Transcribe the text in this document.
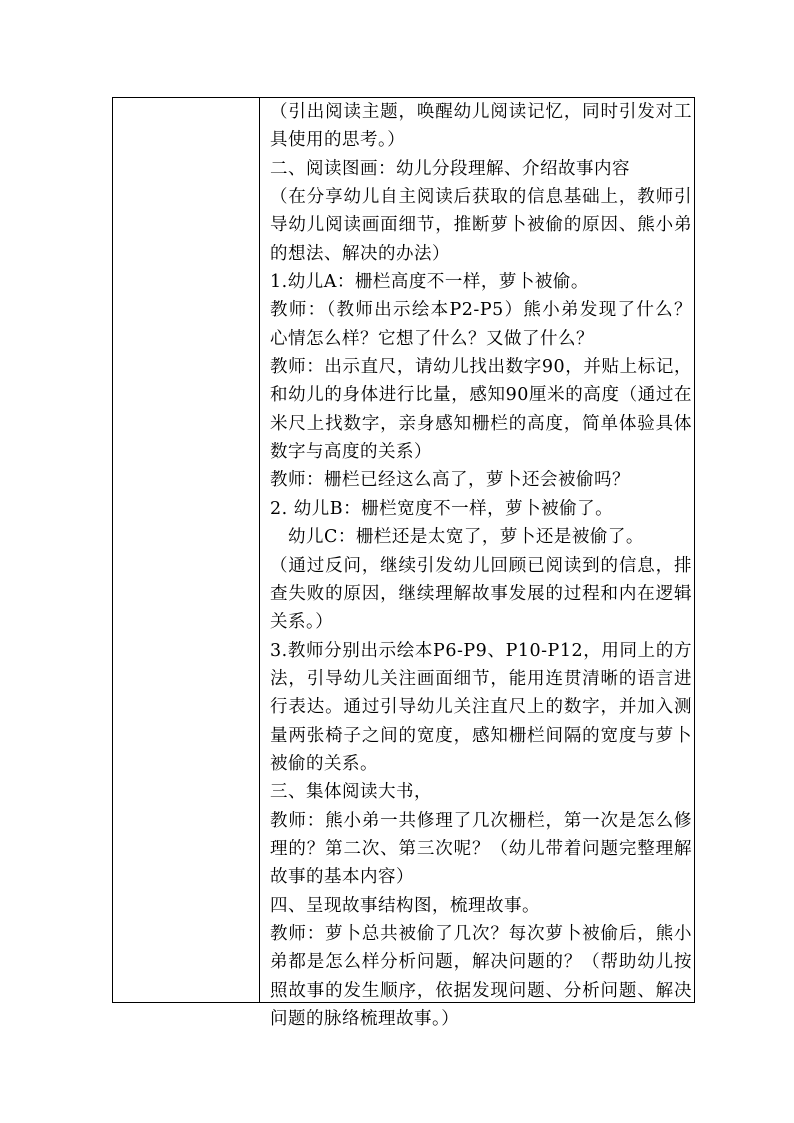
（引出阅读主题，唤醒幼儿阅读记忆，同时引发对工具使用的思考。）

二、阅读图画：幼儿分段理解、介绍故事内容

（在分享幼儿自主阅读后获取的信息基础上，教师引导幼儿阅读画面细节，推断萝卜被偷的原因、熊小弟的想法、解决的办法）

1.幼儿A：栅栏高度不一样，萝卜被偷。

教师：（教师出示绘本P2-P5）熊小弟发现了什么？心情怎么样？它想了什么？又做了什么？

教师：出示直尺，请幼儿找出数字90，并贴上标记，和幼儿的身体进行比量，感知90厘米的高度（通过在米尺上找数字，亲身感知栅栏的高度，简单体验具体数字与高度的关系）

教师：栅栏已经这么高了，萝卜还会被偷吗？

2. 幼儿B：栅栏宽度不一样，萝卜被偷了。

幼儿C：栅栏还是太宽了，萝卜还是被偷了。

（通过反问，继续引发幼儿回顾已阅读到的信息，排查失败的原因，继续理解故事发展的过程和内在逻辑关系。）

3.教师分别出示绘本P6-P9、P10-P12，用同上的方法，引导幼儿关注画面细节，能用连贯清晰的语言进行表达。通过引导幼儿关注直尺上的数字，并加入测量两张椅子之间的宽度，感知栅栏间隔的宽度与萝卜被偷的关系。

三、集体阅读大书，

教师：熊小弟一共修理了几次栅栏，第一次是怎么修理的？第二次、第三次呢？（幼儿带着问题完整理解故事的基本内容）

四、呈现故事结构图，梳理故事。

教师：萝卜总共被偷了几次？每次萝卜被偷后，熊小弟都是怎么样分析问题，解决问题的？（帮助幼儿按照故事的发生顺序，依据发现问题、分析问题、解决问题的脉络梳理故事。）
